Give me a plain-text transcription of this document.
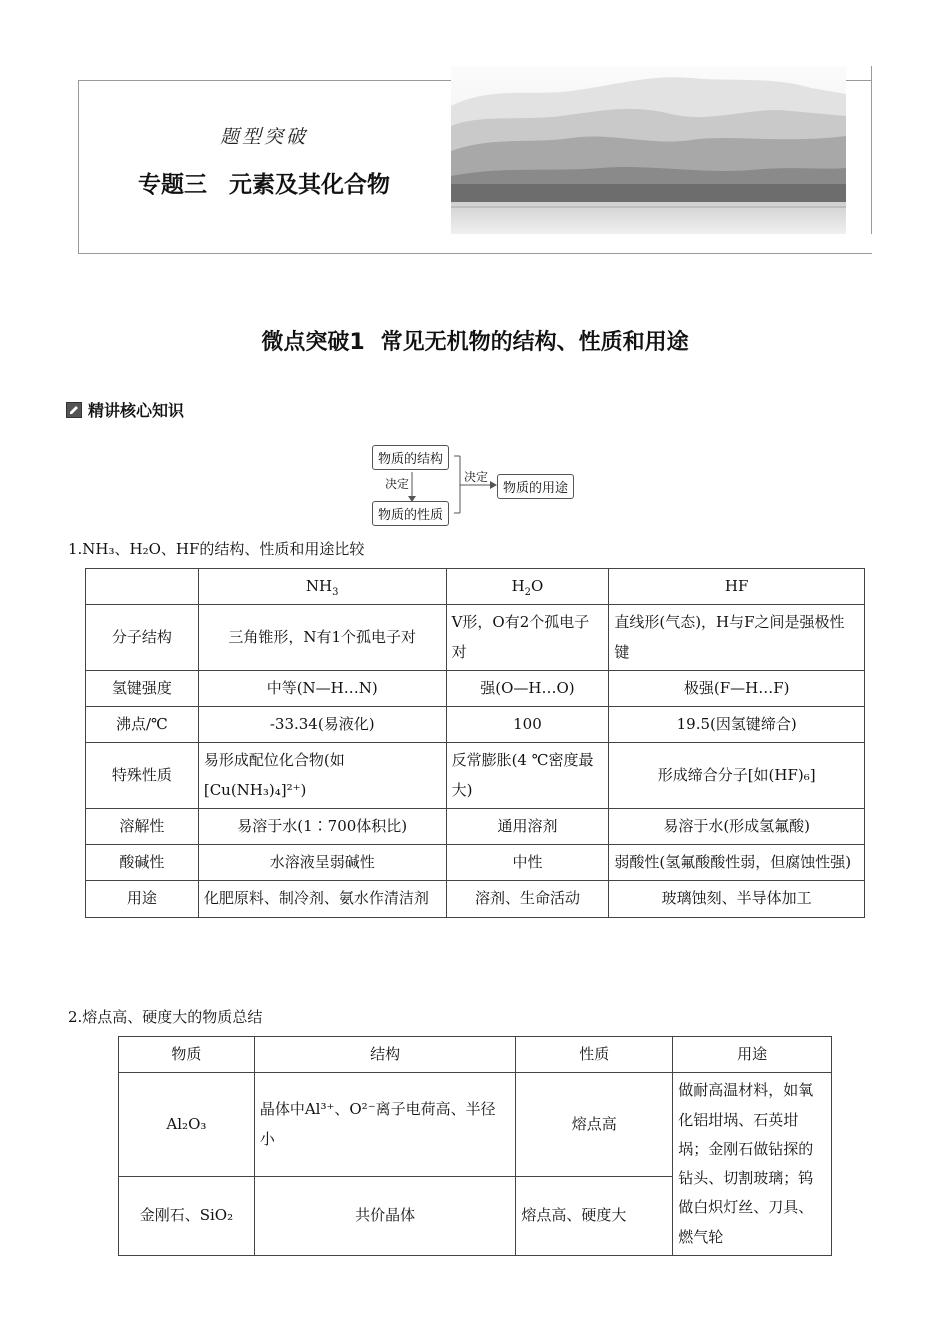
题型突破
专题三 元素及其化合物
微点突破1 常见无机物的结构、性质和用途
精讲核心知识
物质的结构
物质的性质
物质的用途
决定	决定
1.NH₃、H₂O、HF的结构、性质和用途比较
	$NH_3$	$H_2O$	HF
分子结构	三角锥形，N有1个孤电子对	V形，O有2个孤电子对	直线形(气态)，H与F之间是强极性键
氢键强度	中等(N—H…N)	强(O—H…O)	极强(F—H…F)
沸点/℃	-33.34(易液化)	100	19.5(因氢键缔合)
特殊性质	易形成配位化合物(如[Cu(NH₃)₄]²⁺)	反常膨胀(4 ℃密度最大)	形成缔合分子[如(HF)₆]
溶解性	易溶于水(1∶700体积比)	通用溶剂	易溶于水(形成氢氟酸)
酸碱性	水溶液呈弱碱性	中性	弱酸性(氢氟酸酸性弱，但腐蚀性强)
用途	化肥原料、制冷剂、氨水作清洁剂	溶剂、生命活动	玻璃蚀刻、半导体加工
2.熔点高、硬度大的物质总结
物质	结构	性质	用途
Al₂O₃	晶体中Al³⁺、O²⁻离子电荷高、半径小	熔点高	做耐高温材料，如氧化铝坩埚、石英坩埚；金刚石做钻探的钻头、切割玻璃；钨做白炽灯丝、刀具、燃气轮
金刚石、SiO₂	共价晶体	熔点高、硬度大	
